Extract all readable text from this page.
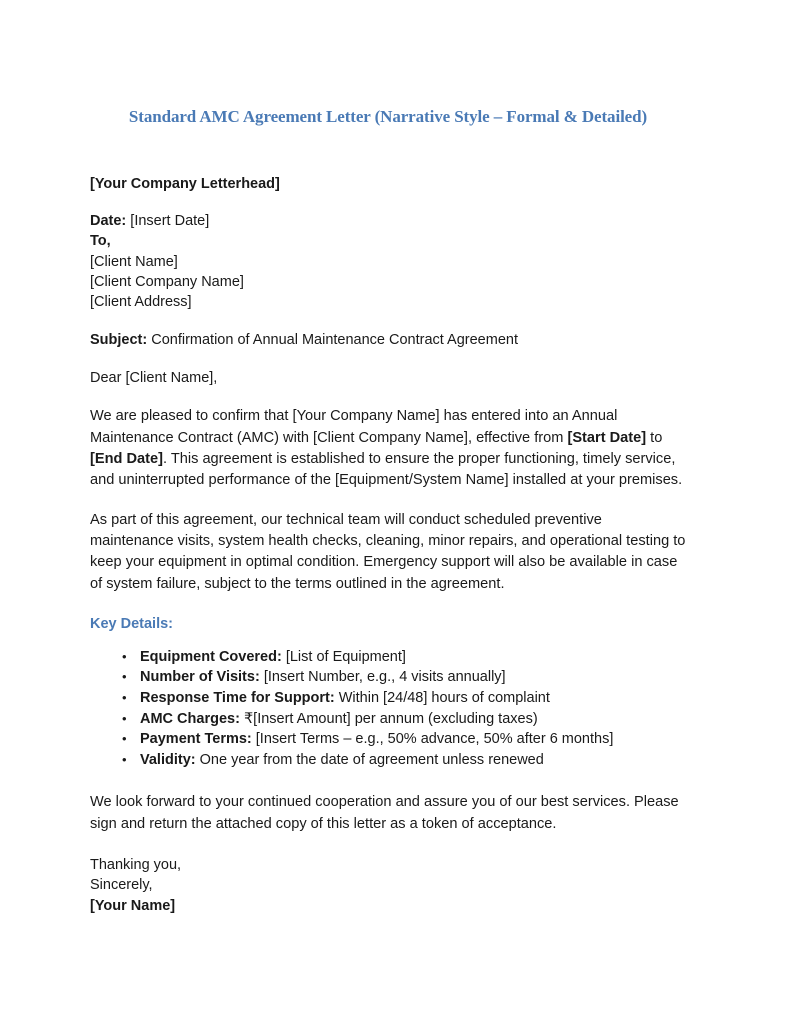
Standard AMC Agreement Letter (Narrative Style – Formal & Detailed)

[Your Company Letterhead]

Date: [Insert Date]
To,
[Client Name]
[Client Company Name]
[Client Address]

Subject: Confirmation of Annual Maintenance Contract Agreement

Dear [Client Name],

We are pleased to confirm that [Your Company Name] has entered into an Annual Maintenance Contract (AMC) with [Client Company Name], effective from [Start Date] to [End Date]. This agreement is established to ensure the proper functioning, timely service, and uninterrupted performance of the [Equipment/System Name] installed at your premises.

As part of this agreement, our technical team will conduct scheduled preventive maintenance visits, system health checks, cleaning, minor repairs, and operational testing to keep your equipment in optimal condition. Emergency support will also be available in case of system failure, subject to the terms outlined in the agreement.

Key Details:

• Equipment Covered: [List of Equipment]
• Number of Visits: [Insert Number, e.g., 4 visits annually]
• Response Time for Support: Within [24/48] hours of complaint
• AMC Charges: ₹[Insert Amount] per annum (excluding taxes)
• Payment Terms: [Insert Terms – e.g., 50% advance, 50% after 6 months]
• Validity: One year from the date of agreement unless renewed

We look forward to your continued cooperation and assure you of our best services. Please sign and return the attached copy of this letter as a token of acceptance.

Thanking you,
Sincerely,
[Your Name]
